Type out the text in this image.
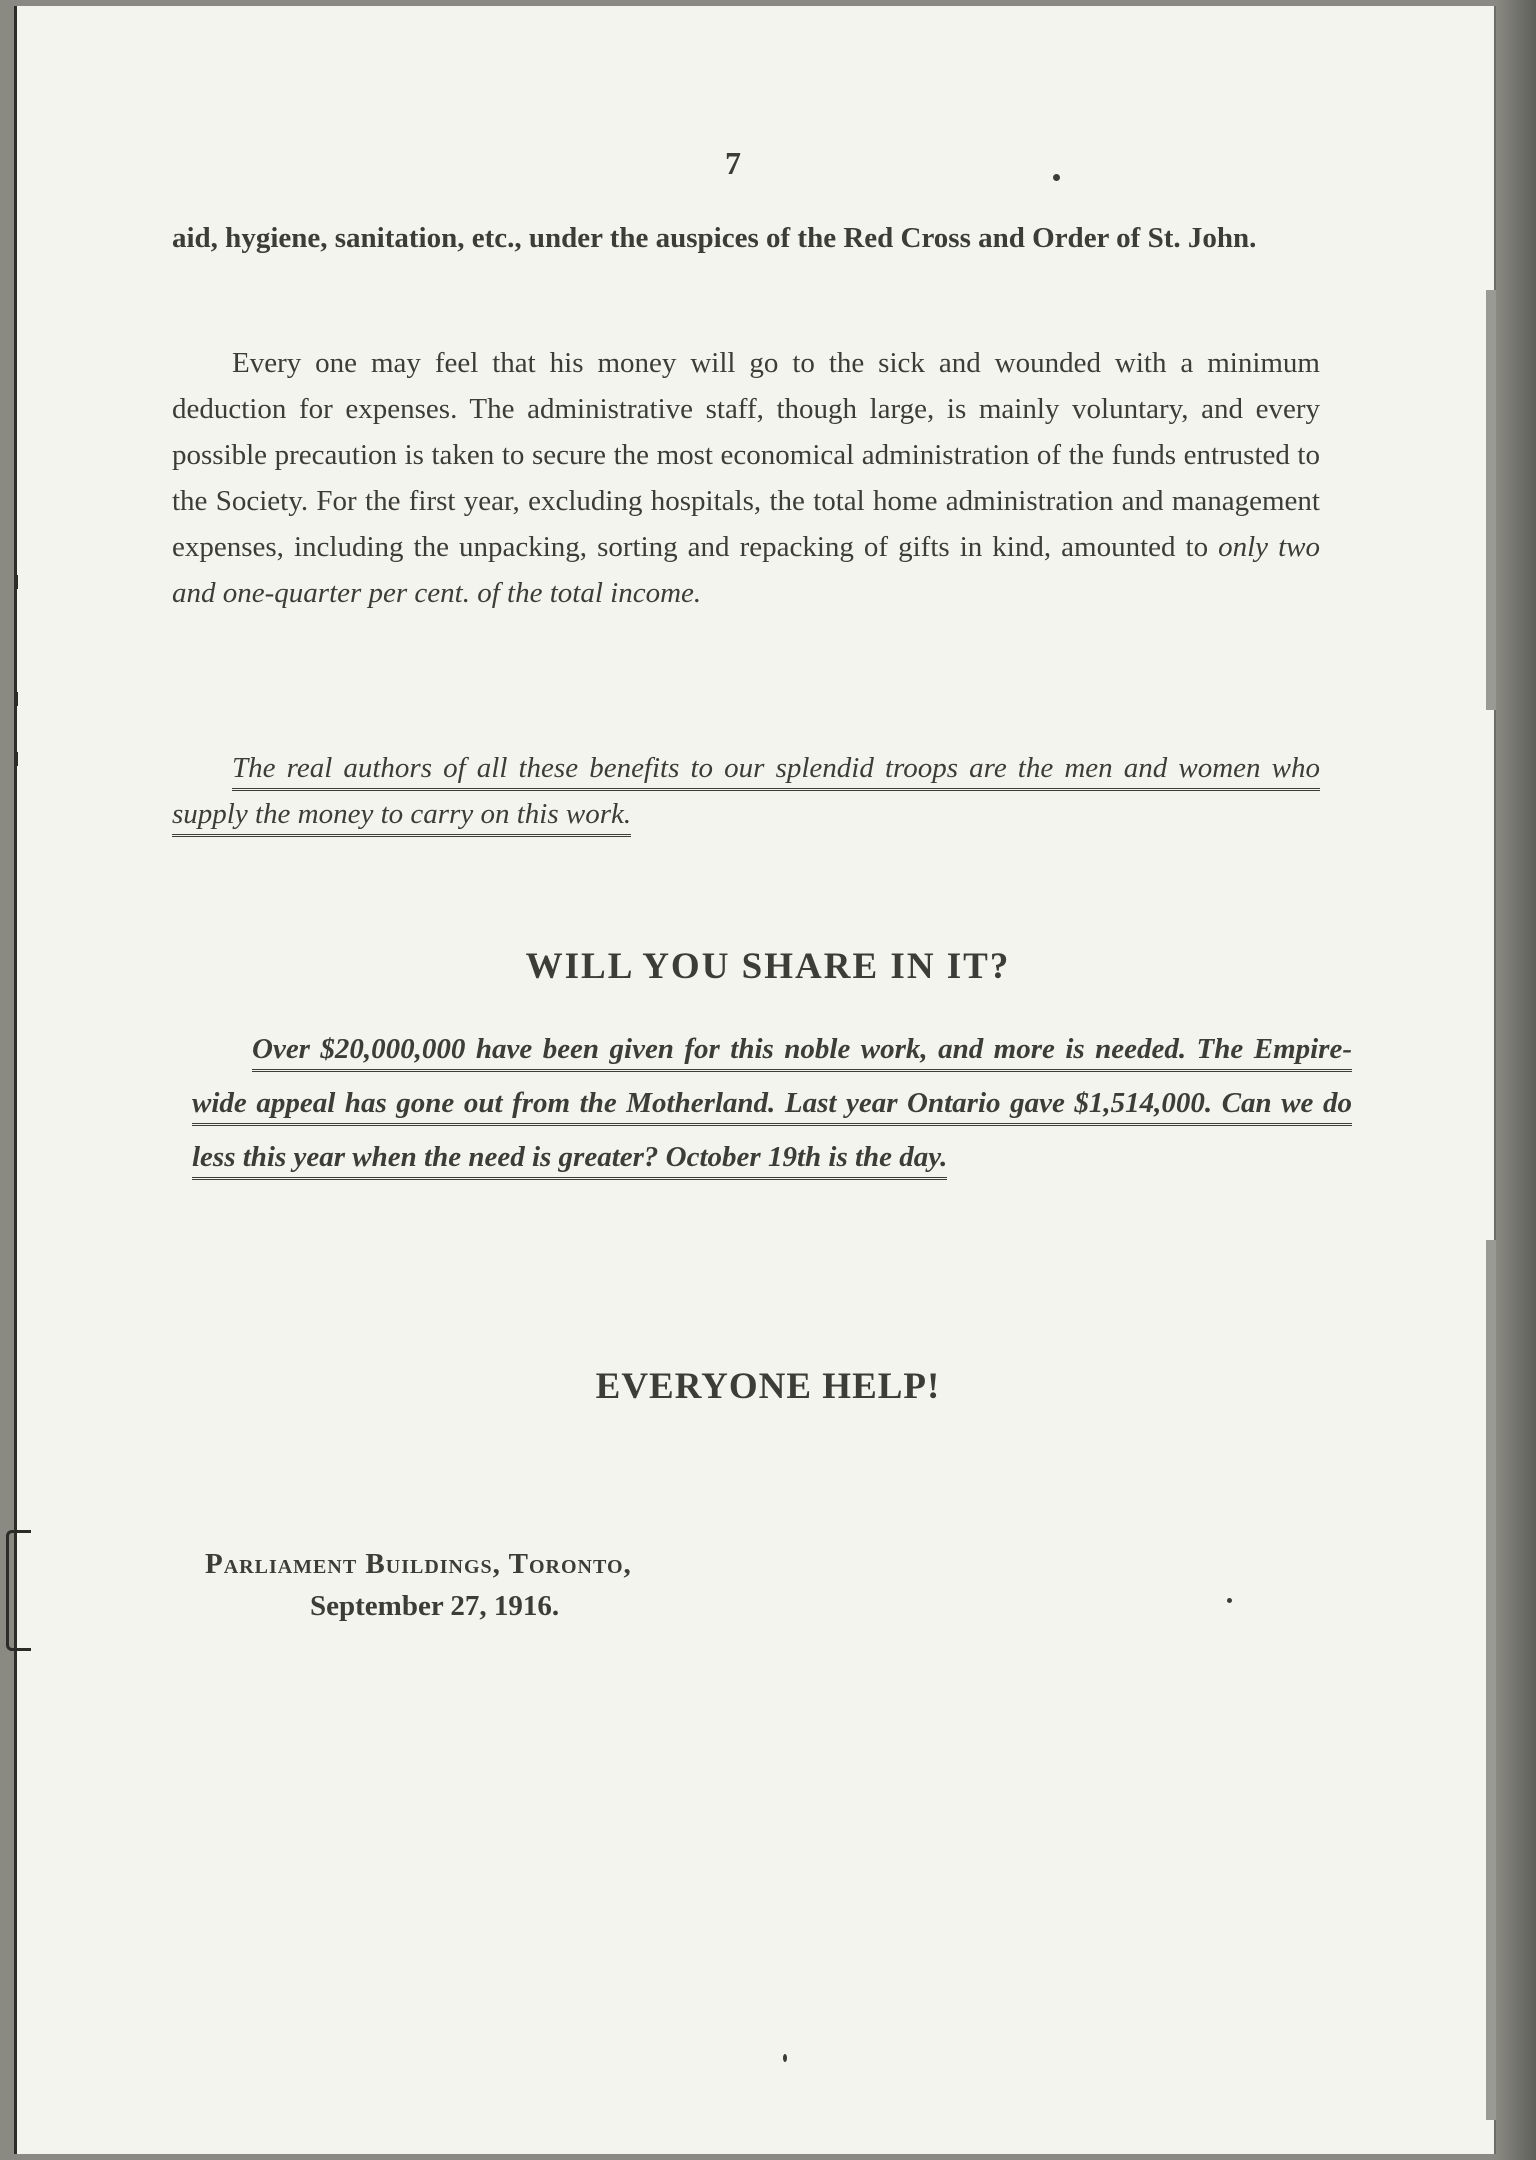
7
aid, hygiene, sanitation, etc., under the auspices of the Red Cross and Order of St. John.
Every one may feel that his money will go to the sick and wounded with a minimum deduction for expenses. The administrative staff, though large, is mainly voluntary, and every possible precaution is taken to secure the most economical administration of the funds entrusted to the Society. For the first year, excluding hospitals, the total home administration and management expenses, including the unpacking, sorting and repacking of gifts in kind, amounted to only two and one-quarter per cent. of the total income.
The real authors of all these benefits to our splendid troops are the men and women who supply the money to carry on this work.
WILL YOU SHARE IN IT?
Over $20,000,000 have been given for this noble work, and more is needed. The Empire-wide appeal has gone out from the Motherland. Last year Ontario gave $1,514,000. Can we do less this year when the need is greater? October 19th is the day.
EVERYONE HELP!
Parliament Buildings, Toronto,
September 27, 1916.
